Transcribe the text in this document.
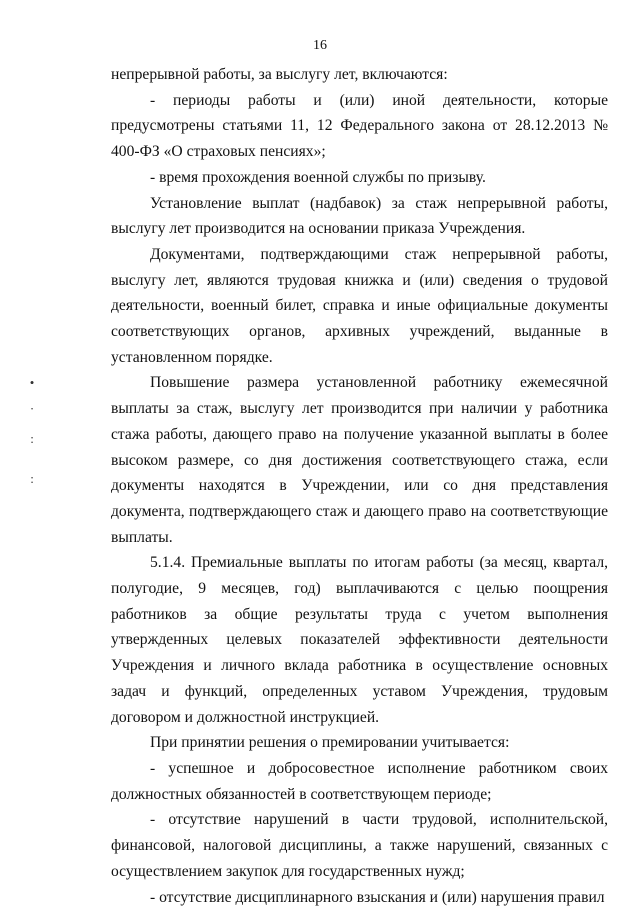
16

непрерывной работы, за выслугу лет, включаются:

- периоды работы и (или) иной деятельности, которые предусмотрены статьями 11, 12 Федерального закона от 28.12.2013 № 400-ФЗ «О страховых пенсиях»;

- время прохождения военной службы по призыву.

Установление выплат (надбавок) за стаж непрерывной работы, выслугу лет производится на основании приказа Учреждения.

Документами, подтверждающими стаж непрерывной работы, выслугу лет, являются трудовая книжка и (или) сведения о трудовой деятельности, военный билет, справка и иные официальные документы соответствующих органов, архивных учреждений, выданные в установленном порядке.

Повышение размера установленной работнику ежемесячной выплаты за стаж, выслугу лет производится при наличии у работника стажа работы, дающего право на получение указанной выплаты в более высоком размере, со дня достижения соответствующего стажа, если документы находятся в Учреждении, или со дня представления документа, подтверждающего стаж и дающего право на соответствующие выплаты.

5.1.4. Премиальные выплаты по итогам работы (за месяц, квартал, полугодие, 9 месяцев, год) выплачиваются с целью поощрения работников за общие результаты труда с учетом выполнения утвержденных целевых показателей эффективности деятельности Учреждения и личного вклада работника в осуществление основных задач и функций, определенных уставом Учреждения, трудовым договором и должностной инструкцией.

При принятии решения о премировании учитывается:

- успешное и добросовестное исполнение работником своих должностных обязанностей в соответствующем периоде;

- отсутствие нарушений в части трудовой, исполнительской, финансовой, налоговой дисциплины, а также нарушений, связанных с осуществлением закупок для государственных нужд;

- отсутствие дисциплинарного взыскания и (или) нарушения правил

•
·
:
:
